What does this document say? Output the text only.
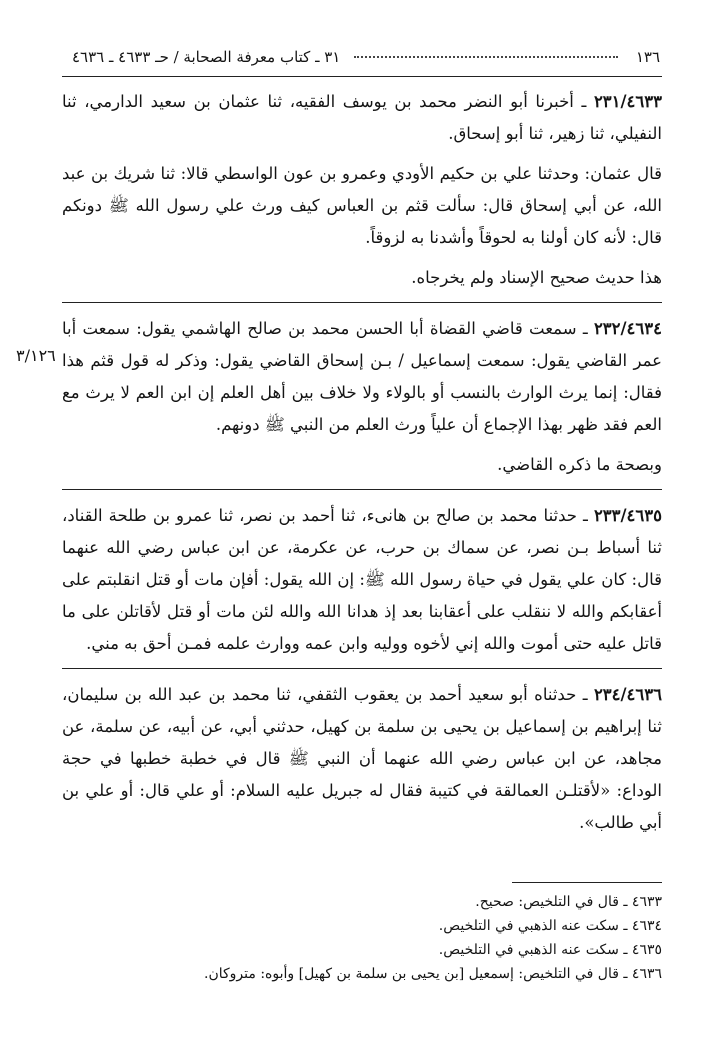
١٣٦
٣١ ـ كتاب معرفة الصحابة / حـ ٤٦٣٣ ـ ٤٦٣٦
٣/١٢٦

٢٣١/٤٦٣٣ ـ أخبرنا أبو النضر محمد بن يوسف الفقيه، ثنا عثمان بن سعيد الدارمي، ثنا النفيلي، ثنا زهير، ثنا أبو إسحاق.

قال عثمان: وحدثنا علي بن حكيم الأودي وعمرو بن عون الواسطي قالا: ثنا شريك بن عبد الله، عن أبي إسحاق قال: سألت قثم بن العباس كيف ورث علي رسول الله ﷺ دونكم قال: لأنه كان أولنا به لحوقاً وأشدنا به لزوقاً.

هذا حديث صحيح الإسناد ولم يخرجاه.

٢٣٢/٤٦٣٤ ـ سمعت قاضي القضاة أبا الحسن محمد بن صالح الهاشمي يقول: سمعت أبا عمر القاضي يقول: سمعت إسماعيل / بـن إسحاق القاضي يقول: وذكر له قول قثم هذا فقال: إنما يرث الوارث بالنسب أو بالولاء ولا خلاف بين أهل العلم إن ابن العم لا يرث مع العم فقد ظهر بهذا الإجماع أن علياً ورث العلم من النبي ﷺ دونهم.

وبصحة ما ذكره القاضي.

٢٣٣/٤٦٣٥ ـ حدثنا محمد بن صالح بن هانىء، ثنا أحمد بن نصر، ثنا عمرو بن طلحة القناد، ثنا أسباط بـن نصر، عن سماك بن حرب، عن عكرمة، عن ابن عباس رضي الله عنهما قال: كان علي يقول في حياة رسول الله ﷺ: إن الله يقول: أفإن مات أو قتل انقلبتم على أعقابكم والله لا ننقلب على أعقابنا بعد إذ هدانا الله والله لئن مات أو قتل لأقاتلن على ما قاتل عليه حتى أموت والله إني لأخوه ووليه وابن عمه ووارث علمه فمـن أحق به مني.

٢٣٤/٤٦٣٦ ـ حدثناه أبو سعيد أحمد بن يعقوب الثقفي، ثنا محمد بن عبد الله بن سليمان، ثنا إبراهيم بن إسماعيل بن يحيى بن سلمة بن كهيل، حدثني أبي، عن أبيه، عن سلمة، عن مجاهد، عن ابن عباس رضي الله عنهما أن النبي ﷺ قال في خطبة خطبها في حجة الوداع: «لأقتلـن العمالقة في كتيبة فقال له جبريل عليه السلام: أو علي قال: أو علي بن أبي طالب».

٤٦٣٣ ـ قال في التلخيص: صحيح.

٤٦٣٤ ـ سكت عنه الذهبي في التلخيص.

٤٦٣٥ ـ سكت عنه الذهبي في التلخيص.

٤٦٣٦ ـ قال في التلخيص: إسمعيل [بن يحيى بن سلمة بن كهيل] وأبوه: متروكان.
